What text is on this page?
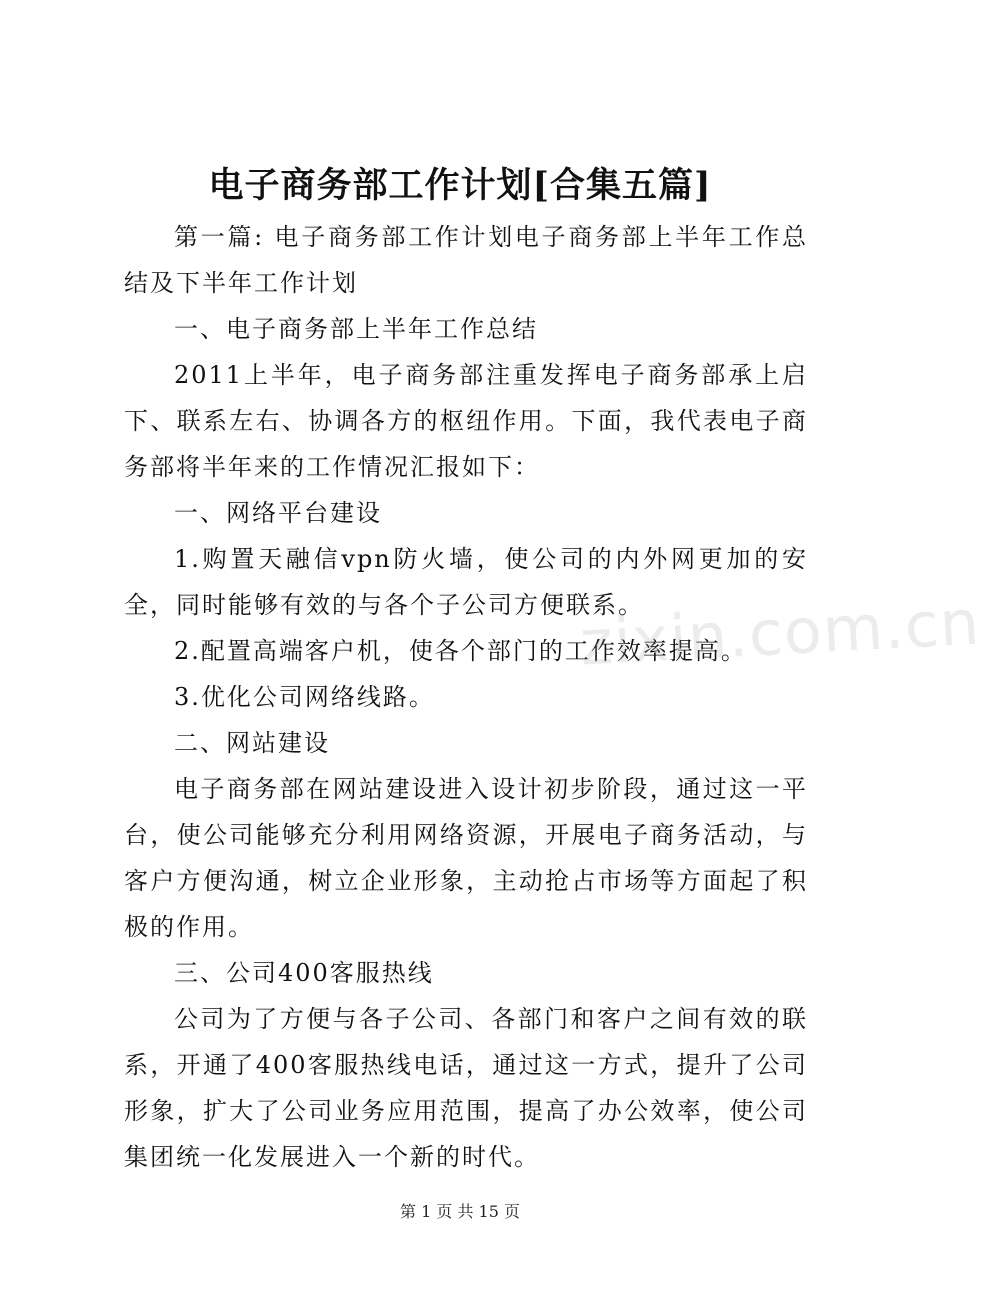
电子商务部工作计划[合集五篇]

第一篇: 电子商务部工作计划电子商务部上半年工作总结及下半年工作计划

一、电子商务部上半年工作总结

2011上半年，电子商务部注重发挥电子商务部承上启下、联系左右、协调各方的枢纽作用。下面，我代表电子商务部将半年来的工作情况汇报如下：

一、网络平台建设

1.购置天融信vpn防火墙，使公司的内外网更加的安全，同时能够有效的与各个子公司方便联系。

2.配置高端客户机，使各个部门的工作效率提高。

3.优化公司网络线路。

二、网站建设

电子商务部在网站建设进入设计初步阶段，通过这一平台，使公司能够充分利用网络资源，开展电子商务活动，与客户方便沟通，树立企业形象，主动抢占市场等方面起了积极的作用。

三、公司400客服热线

公司为了方便与各子公司、各部门和客户之间有效的联系，开通了400客服热线电话，通过这一方式，提升了公司形象，扩大了公司业务应用范围，提高了办公效率，使公司集团统一化发展进入一个新的时代。

zixin.com.cn
第 1 页 共 15 页
